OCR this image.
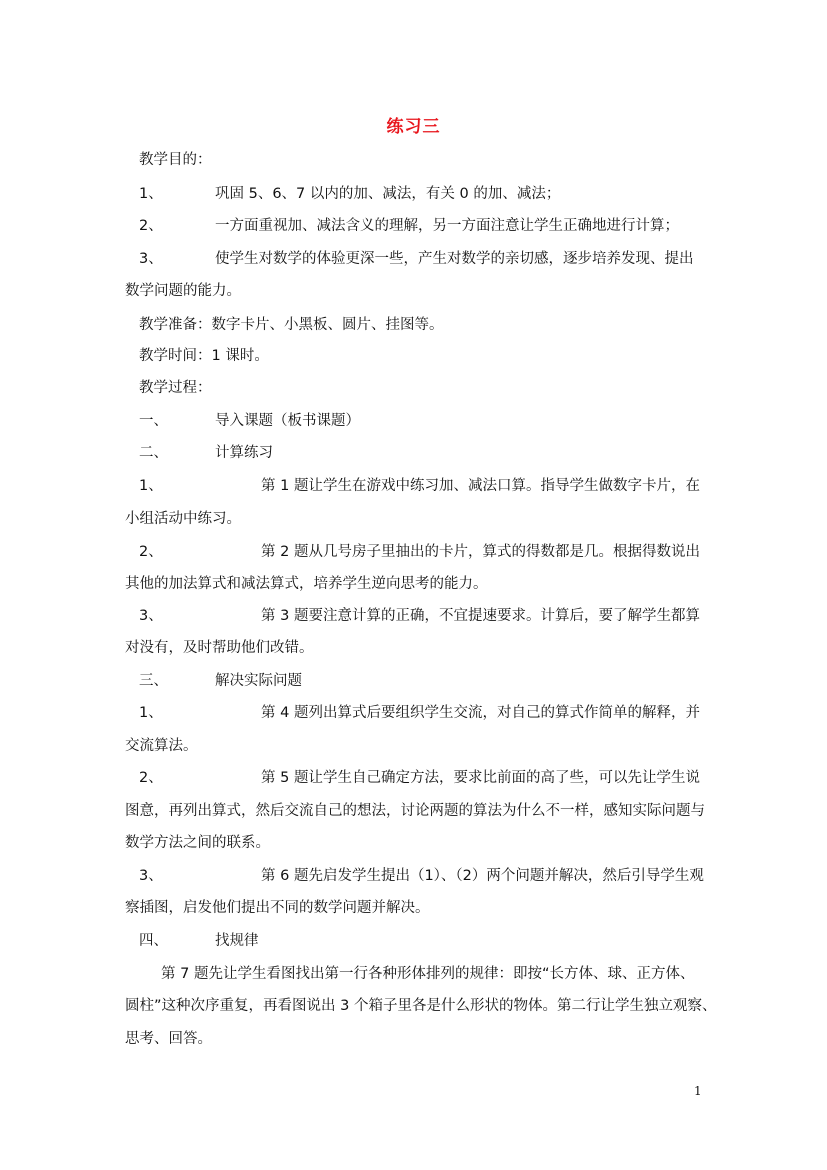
练习三
教学目的：
1、	巩固 5、6、7 以内的加、减法，有关 0 的加、减法；
2、	一方面重视加、减法含义的理解，另一方面注意让学生正确地进行计算；
3、	使学生对数学的体验更深一些，产生对数学的亲切感，逐步培养发现、提出
数学问题的能力。
教学准备：数字卡片、小黑板、圆片、挂图等。
教学时间：1 课时。
教学过程：
一、	导入课题（板书课题）
二、	计算练习
1、	第 1 题让学生在游戏中练习加、减法口算。指导学生做数字卡片，在
小组活动中练习。
2、	第 2 题从几号房子里抽出的卡片，算式的得数都是几。根据得数说出
其他的加法算式和减法算式，培养学生逆向思考的能力。
3、	第 3 题要注意计算的正确，不宜提速要求。计算后，要了解学生都算
对没有，及时帮助他们改错。
三、	解决实际问题
1、	第 4 题列出算式后要组织学生交流，对自己的算式作简单的解释，并
交流算法。
2、	第 5 题让学生自己确定方法，要求比前面的高了些，可以先让学生说
图意，再列出算式，然后交流自己的想法，讨论两题的算法为什么不一样，感知实际问题与
数学方法之间的联系。
3、	第 6 题先启发学生提出（1）、（2）两个问题并解决，然后引导学生观
察插图，启发他们提出不同的数学问题并解决。
四、	找规律
第 7 题先让学生看图找出第一行各种形体排列的规律：即按“长方体、球、正方体、
圆柱”这种次序重复，再看图说出 3 个箱子里各是什么形状的物体。第二行让学生独立观察、
思考、回答。
1
